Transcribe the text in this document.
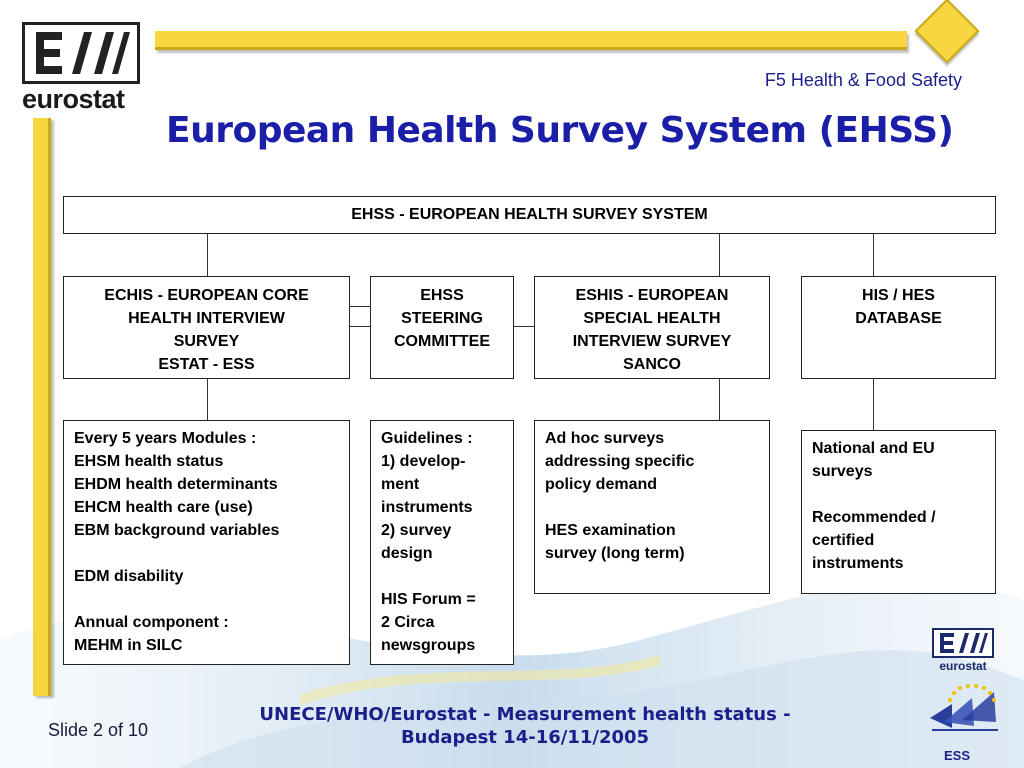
eurostat
F5 Health & Food Safety
European Health Survey System (EHSS)
EHSS - EUROPEAN HEALTH SURVEY SYSTEM
ECHIS - EUROPEAN CORE
HEALTH INTERVIEW
SURVEY
ESTAT - ESS
EHSS
STEERING
COMMITTEE
ESHIS - EUROPEAN
SPECIAL HEALTH
INTERVIEW SURVEY
SANCO
HIS / HES
DATABASE
Every 5 years Modules :
EHSM health status
EHDM health determinants
EHCM health care (use)
EBM background variables
EDM disability
Annual component :
MEHM in SILC
Guidelines :
1) develop-
ment
instruments
2) survey
design
HIS Forum =
2 Circa
newsgroups
Ad hoc surveys
addressing specific
policy demand
HES examination
survey (long term)
National and EU
surveys
Recommended /
certified
instruments
Slide 2 of 10
UNECE/WHO/Eurostat - Measurement health status -
Budapest 14-16/11/2005
eurostat
ESS
